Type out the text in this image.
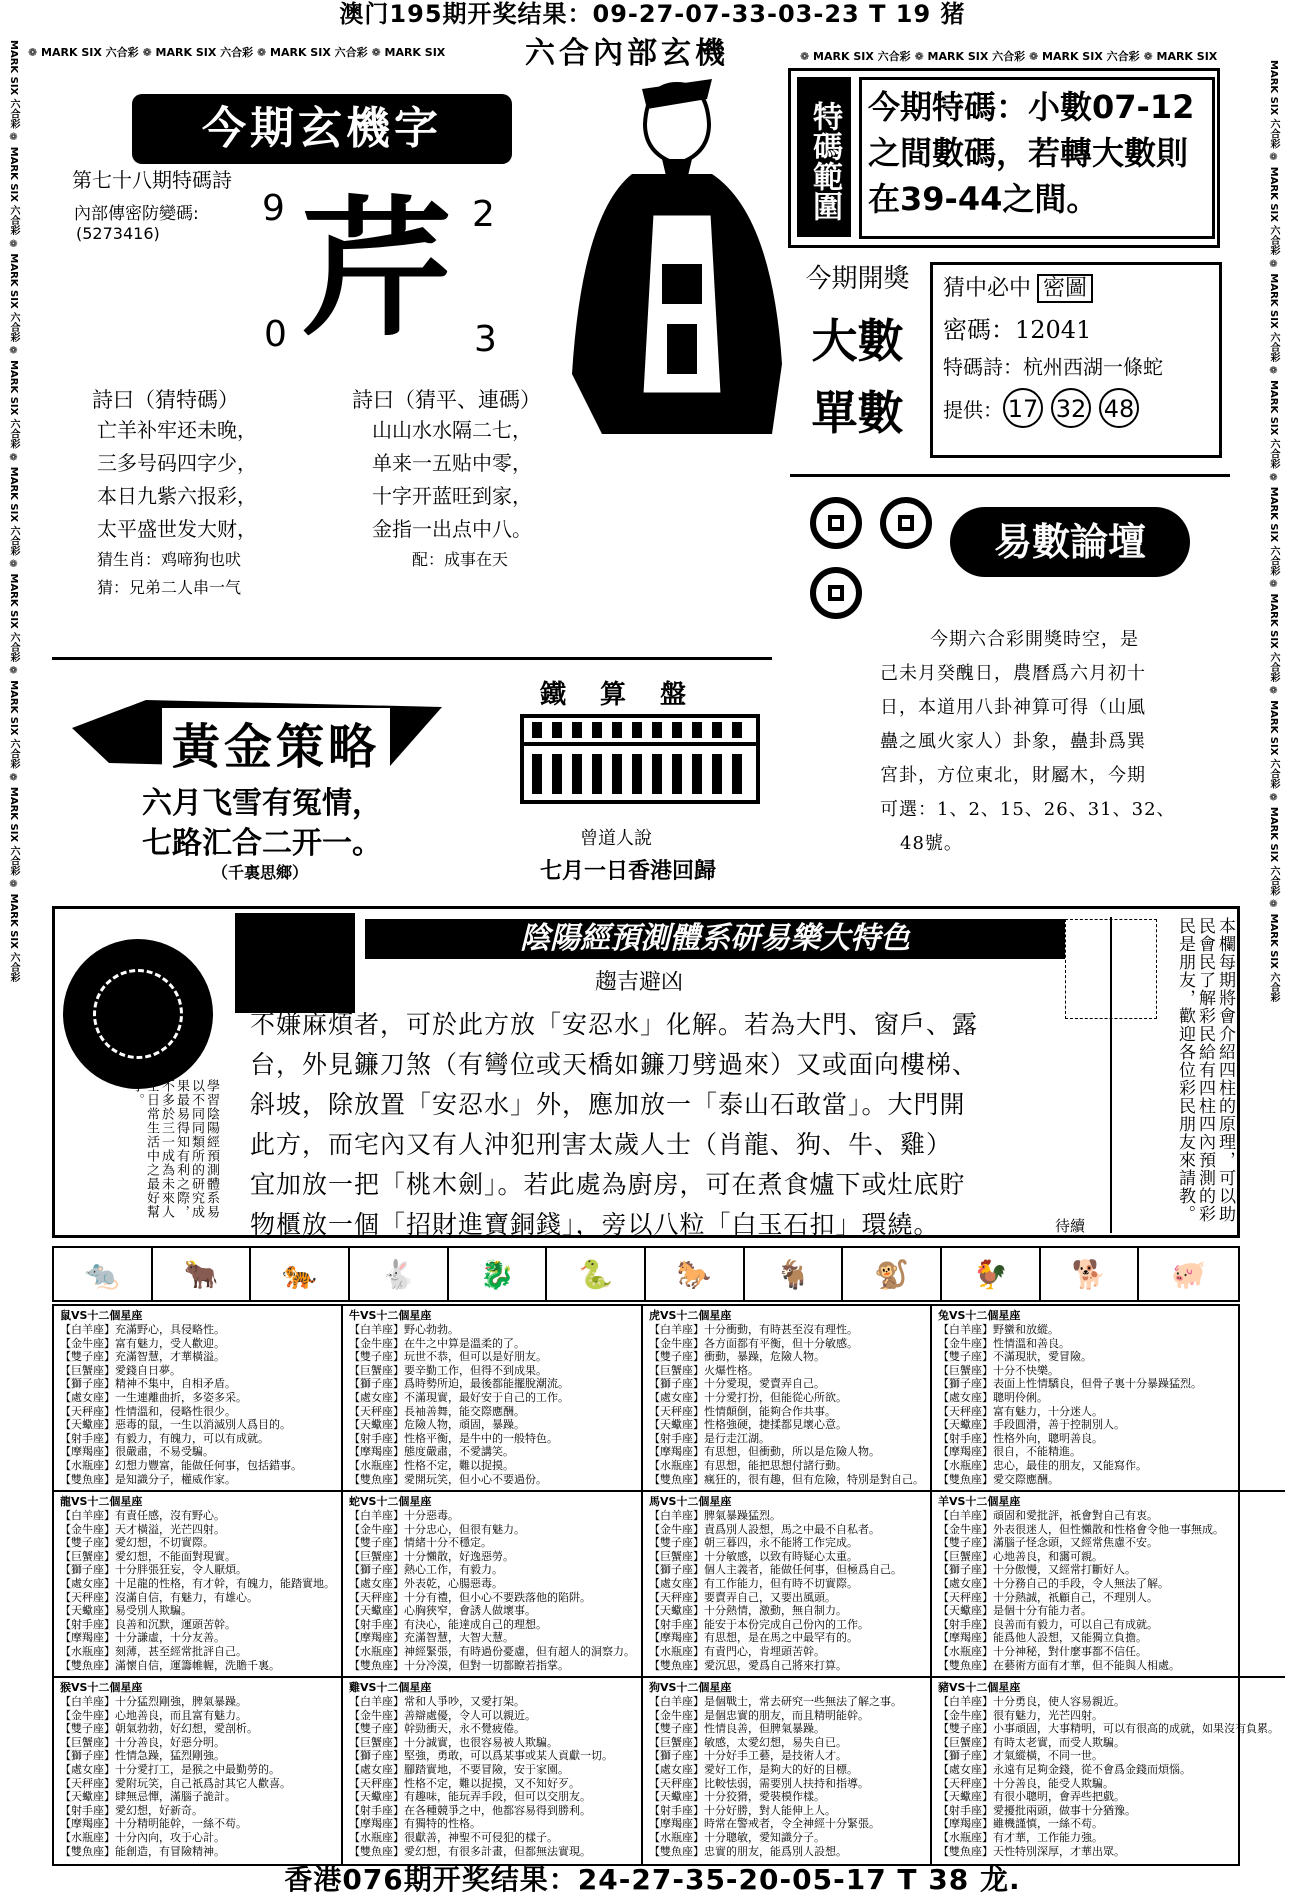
澳门195期开奖结果：09-27-07-33-03-23 T 19 猪
六合內部玄機
❁ MARK SIX 六合彩 ❁ MARK SIX 六合彩 ❁ MARK SIX 六合彩 ❁ MARK SIX	❁ MARK SIX 六合彩 ❁ MARK SIX 六合彩 ❁ MARK SIX 六合彩 ❁ MARK SIX
MARK SIX 六合彩 ❁ MARK SIX 六合彩 ❁ MARK SIX 六合彩 ❁ MARK SIX 六合彩 ❁ MARK SIX 六合彩 ❁ MARK SIX 六合彩 ❁ MARK SIX 六合彩 ❁ MARK SIX 六合彩 ❁ MARK SIX 六合彩	MARK SIX 六合彩 ❁ MARK SIX 六合彩 ❁ MARK SIX 六合彩 ❁ MARK SIX 六合彩 ❁ MARK SIX 六合彩 ❁ MARK SIX 六合彩 ❁ MARK SIX 六合彩 ❁ MARK SIX 六合彩 ❁ MARK SIX 六合彩
今期玄機字
第七十八期特碼詩
內部傳密防變碼:
(5273416)
9	2
0	3
芹
詩曰（猜特碼）
亡羊补牢还未晚，
三多号码四字少，
本日九紫六报彩，
太平盛世发大财，
猜生肖：鸡啼狗也吠
猜：兄弟二人串一气
詩曰（猜平、連碼）
山山水水隔二七，
单来一五贴中零，
十字开蓝旺到家，
金指一出点中八。
配：成事在天
特碼範圍 今期特碼：小數07-12
之間數碼，若轉大數則
在39-44之間。
今期開獎
大數
單數
猜中必中 密圖
密碼：12041
特碼詩：杭州西湖一條蛇
提供： 17 32 48
易數論壇
今期六合彩開獎時空，是
己未月癸醜日，農曆爲六月初十
日，本道用八卦神算可得（山風
蠱之風火家人）卦象，蠱卦爲巽
宮卦，方位東北，財屬木，今期
可選：1、2、15、26、31、32、
48號。
黃金策略
六月飞雪有冤情，
七路汇合二开一。
（千裏思鄉）
鐵　算　盤
曾道人說
七月一日香港回歸
學習陰陽經預測體系易以不同同類所的研究成果最易得知有利之際，不多於三一成為未來人士日常生活中之最好幫手。
陰陽經預測體系研易樂大特色
趨吉避凶
不嫌麻煩者，可於此方放「安忍水」化解。若為大門、窗戶、露
台，外見鐮刀煞（有彎位或天橋如鐮刀劈過來）又或面向樓梯、
斜坡，除放置「安忍水」外，應加放一「泰山石敢當」。大門開
此方，而宅內又有人沖犯刑害太歲人士（肖龍、狗、牛、雞）
宜加放一把「桃木劍」。若此處為廚房，可在煮食爐下或灶底貯
物櫃放一個「招財進寶銅錢」，旁以八粒「白玉石扣」環繞。	待續
本欄每期將會介紹四柱的原理，可以助民會民了解彩民給有四柱四內預測的彩民是朋友，歡迎各位彩民朋友來請教。
🐀	🐂	🐅	🐇	🐉	🐍	🐎	🐐	🐒	🐓	🐕	🐖
鼠VS十二個星座
【白羊座】充滿野心，具侵略性。
【金牛座】富有魅力，受人歡迎。
【雙子座】充滿智慧，才華橫溢。
【巨蟹座】愛錢自日夢。
【獅子座】精神不集中，自相矛盾。
【處女座】一生連離曲折，多姿多采。
【天秤座】性情溫和，侵略性很少。
【天蠍座】惡毒的鼠，一生以消滅別人爲目的。
【射手座】有毅力，有魄力，可以有成就。
【摩羯座】很嚴肅，不易受騙。
【水瓶座】幻想力豐富，能做任何事，包括錯事。
【雙魚座】是知識分子，權威作家。
牛VS十二個星座
【白羊座】野心勃勃。
【金牛座】在牛之中算是溫柔的了。
【雙子座】玩世不恭，但可以是好朋友。
【巨蟹座】要辛勤工作，但得不到成果。
【獅子座】爲時勢所迫，最後都能擺脫潮流。
【處女座】不滿現實，最好安于自己的工作。
【天秤座】長袖善舞，能交際應酬。
【天蠍座】危險人物，頑固，暴躁。
【射手座】性格平衡，是牛中的一般特色。
【摩羯座】態度嚴肅，不愛講笑。
【水瓶座】性格不定，難以捉摸。
【雙魚座】愛開玩笑，但小心不要過份。
虎VS十二個星座
【白羊座】十分衝動，有時甚至沒有理性。
【金牛座】各方面都有平衡，但十分敏感。
【雙子座】衝動，暴躁，危險人物。
【巨蟹座】火爆性格。
【獅子座】十分愛現，愛賣弄自己。
【處女座】十分愛打扮，但能從心所欲。
【天秤座】性情顛倒，能夠合作共事。
【天蠍座】性格強硬，捷揉都見壞心意。
【射手座】是行走江湖。
【摩羯座】有思想，但衝動，所以是危險人物。
【水瓶座】有思想，能把思想付諸行動。
【雙魚座】瘋狂的，很有趣，但有危險，特別是對自己。
兔VS十二個星座
【白羊座】野蠻和放縱。
【金牛座】性情溫和善良。
【雙子座】不滿現狀，愛冒險。
【巨蟹座】十分不快樂。
【獅子座】表面上性情驕良，但骨子裏十分暴躁猛烈。
【處女座】聰明伶俐。
【天秤座】富有魅力，十分迷人。
【天蠍座】手段圓滑，善于控制別人。
【射手座】性格外向，聰明善良。
【摩羯座】很自，不能精進。
【水瓶座】忠心，最佳的朋友，又能寫作。
【雙魚座】愛交際應酬。
龍VS十二個星座
【白羊座】有責任感，沒有野心。
【金牛座】天才橫溢，光芒四射。
【雙子座】愛幻想，不切實際。
【巨蟹座】愛幻想，不能面對現實。
【獅子座】十分胖張狂妄，令人厭煩。
【處女座】十足龍的性格，有才幹，有魄力，能踏實地。
【天秤座】沒滿自信，有魅力，有雄心。
【天蠍座】易受別人欺騙。
【射手座】良善和沉默，運頭苦幹。
【摩羯座】十分謙虛，十分友善。
【水瓶座】刻薄，甚至經常批評自己。
【雙魚座】滿懷自信，運籌帷幄，洗贍千裏。
蛇VS十二個星座
【白羊座】十分惡毒。
【金牛座】十分忠心，但很有魅力。
【雙子座】情緒十分不穩定。
【巨蟹座】十分懶散，好逸惡勞。
【獅子座】熱心工作，有毅力。
【處女座】外表乾，心腸惡毒。
【天秤座】十分有禮，但小心不要跌落他的陷阱。
【天蠍座】心胸狹窄，會誘人做壞事。
【射手座】有決心，能達成自己的理想。
【摩羯座】充滿智慧，大智大慧。
【水瓶座】神經緊張，有時過份憂慮，但有超人的洞察力。
【雙魚座】十分冷漠，但對一切都瞭若指掌。
馬VS十二個星座
【白羊座】脾氣暴躁猛烈。
【金牛座】責爲別人設想，馬之中最不自私者。
【雙子座】朝三暮四，永不能將工作完成。
【巨蟹座】十分敏感，以致有時疑心太重。
【獅子座】個人主義者，能做任何事，但極爲自己。
【處女座】有工作能力，但有時不切實際。
【天秤座】要賣弄自己，又要出風頭。
【天蠍座】十分熱情，激動，無自制力。
【射手座】能安于本份完成自己份內的工作。
【摩羯座】有思想，是在馬之中最罕有的。
【水瓶座】有責門心，肯埋頭苦幹。
【雙魚座】愛沉思，愛爲自己將來打算。
羊VS十二個星座
【白羊座】頑固和愛批評，祇會對自己有衷。
【金牛座】外表很迷人，但性懶散和性格會令他一事無成。
【雙子座】滿腦子怪念頭，又經常焦慮不安。
【巨蟹座】心地善良，和靄可親。
【獅子座】十分傲慢，又經常打斷好人。
【處女座】十分務自己的手段，令人無法了解。
【天秤座】十分熱誠，祇顧自己，不理別人。
【天蠍座】是個十分有能力者。
【射手座】良善而有毅力，可以自己有成就。
【摩羯座】能爲他人設想，又能獨立負擔。
【水瓶座】十分神秘，對什麼事都不信任。
【雙魚座】在藝術方面有才華，但不能與人相處。
猴VS十二個星座
【白羊座】十分猛烈剛強，脾氣暴躁。
【金牛座】心地善良，而且富有魅力。
【雙子座】朝氣勃勃，好幻想，愛剖析。
【巨蟹座】十分善良，好惡分明。
【獅子座】性情急躁，猛烈剛強。
【處女座】十分愛打工，是猴之中最勤勞的。
【天秤座】愛附玩笑，自己祇爲討其它人歡喜。
【天蠍座】肆無忌憚，滿腦子詭計。
【射手座】愛幻想，好新奇。
【摩羯座】十分精明能幹，一絲不苟。
【水瓶座】十分內向，攻于心計。
【雙魚座】能創造，有冒險精神。
雞VS十二個星座
【白羊座】常和人爭吵，又愛打架。
【金牛座】善辯處優，令人可以親近。
【雙子座】幹勁衝天，永不覺疲倦。
【巨蟹座】十分誠實，也很容易被人欺騙。
【獅子座】堅強，勇敢，可以爲某事或某人貢獻一切。
【處女座】腳踏實地，不要冒險，安于家園。
【天秤座】性格不定，難以捉摸，又不知好歹。
【天蠍座】有趣味，能玩弄手段，但可以交朋友。
【射手座】在各種競爭之中，他都容易得到勝利。
【摩羯座】有獨特的性格。
【水瓶座】很獻善，神聖不可侵犯的樣子。
【雙魚座】愛幻想，有很多計畫，但都無法實現。
狗VS十二個星座
【白羊座】是個戰士，常去研究一些無法了解之事。
【金牛座】是個忠實的朋友，而且精明能幹。
【雙子座】性情良善，但脾氣暴躁。
【巨蟹座】敏感，太愛幻想，易失自已。
【獅子座】十分好手工藝，是技術人才。
【處女座】愛好工作，是夠大的好的目標。
【天秤座】比較怯弱，需要別人扶持和指導。
【天蠍座】十分狡猾，愛裝模作樣。
【射手座】十分好勝，對人能伸上人。
【摩羯座】時常在警戒者，令全神經十分緊張。
【水瓶座】十分聰敏，愛知識分子。
【雙魚座】忠實的朋友，能爲別人設想。
豬VS十二個星座
【白羊座】十分勇良，使人容易親近。
【金牛座】很有魅力，光芒四射。
【雙子座】小事頑固，大事精明，可以有很高的成就，如果沒有負累。
【巨蟹座】有時太老實，而受人欺騙。
【獅子座】才氣縱橫，不同一世。
【處女座】永遠有足夠金錢，從不會爲金錢而煩惱。
【天秤座】十分善良，能受人欺騙。
【天蠍座】有很小聰明，會弄些把戲。
【射手座】愛擾批兩頭，做事十分猶豫。
【摩羯座】雖機謹慎，一絲不苟。
【水瓶座】有才華，工作能力強。
【雙魚座】天性特別深厚，才華出眾。
香港076期开奖结果：24-27-35-20-05-17 T 38 龙.
